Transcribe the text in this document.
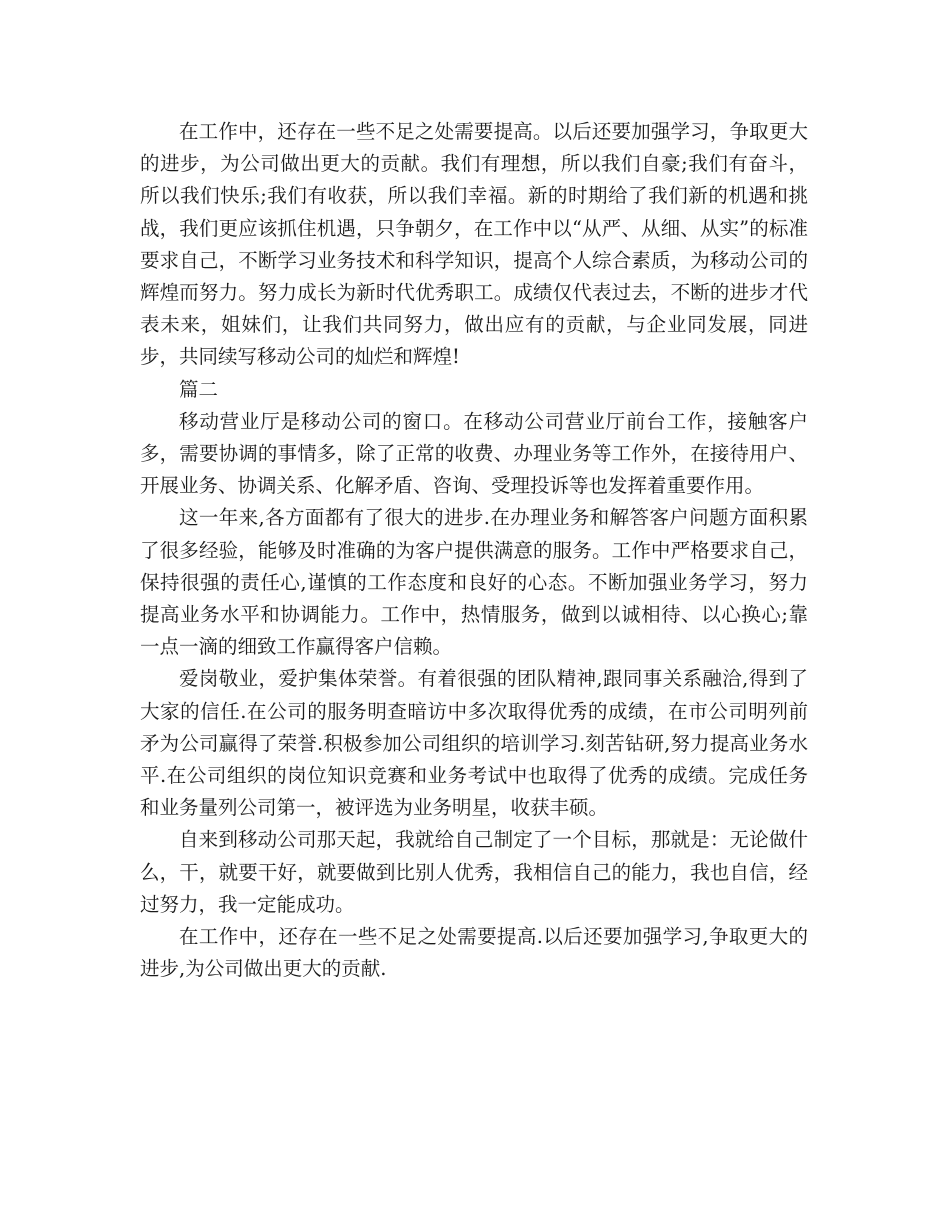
在工作中，还存在一些不足之处需要提高。以后还要加强学习，争取更大的进步，为公司做出更大的贡献。我们有理想，所以我们自豪;我们有奋斗，所以我们快乐;我们有收获，所以我们幸福。新的时期给了我们新的机遇和挑战，我们更应该抓住机遇，只争朝夕，在工作中以“从严、从细、从实”的标准要求自己，不断学习业务技术和科学知识，提高个人综合素质，为移动公司的辉煌而努力。努力成长为新时代优秀职工。成绩仅代表过去，不断的进步才代表未来，姐妹们，让我们共同努力，做出应有的贡献，与企业同发展，同进步，共同续写移动公司的灿烂和辉煌!

篇二

移动营业厅是移动公司的窗口。在移动公司营业厅前台工作，接触客户多，需要协调的事情多，除了正常的收费、办理业务等工作外，在接待用户、开展业务、协调关系、化解矛盾、咨询、受理投诉等也发挥着重要作用。

这一年来,各方面都有了很大的进步.在办理业务和解答客户问题方面积累了很多经验，能够及时准确的为客户提供满意的服务。工作中严格要求自己，保持很强的责任心,谨慎的工作态度和良好的心态。不断加强业务学习，努力提高业务水平和协调能力。工作中，热情服务，做到以诚相待、以心换心;靠一点一滴的细致工作赢得客户信赖。

爱岗敬业，爱护集体荣誉。有着很强的团队精神,跟同事关系融洽,得到了大家的信任.在公司的服务明查暗访中多次取得优秀的成绩，在市公司明列前矛为公司赢得了荣誉.积极参加公司组织的培训学习.刻苦钻研,努力提高业务水平.在公司组织的岗位知识竞赛和业务考试中也取得了优秀的成绩。完成任务和业务量列公司第一，被评选为业务明星，收获丰硕。

自来到移动公司那天起，我就给自己制定了一个目标，那就是：无论做什么，干，就要干好，就要做到比别人优秀，我相信自己的能力，我也自信，经过努力，我一定能成功。

在工作中，还存在一些不足之处需要提高.以后还要加强学习,争取更大的进步,为公司做出更大的贡献.
